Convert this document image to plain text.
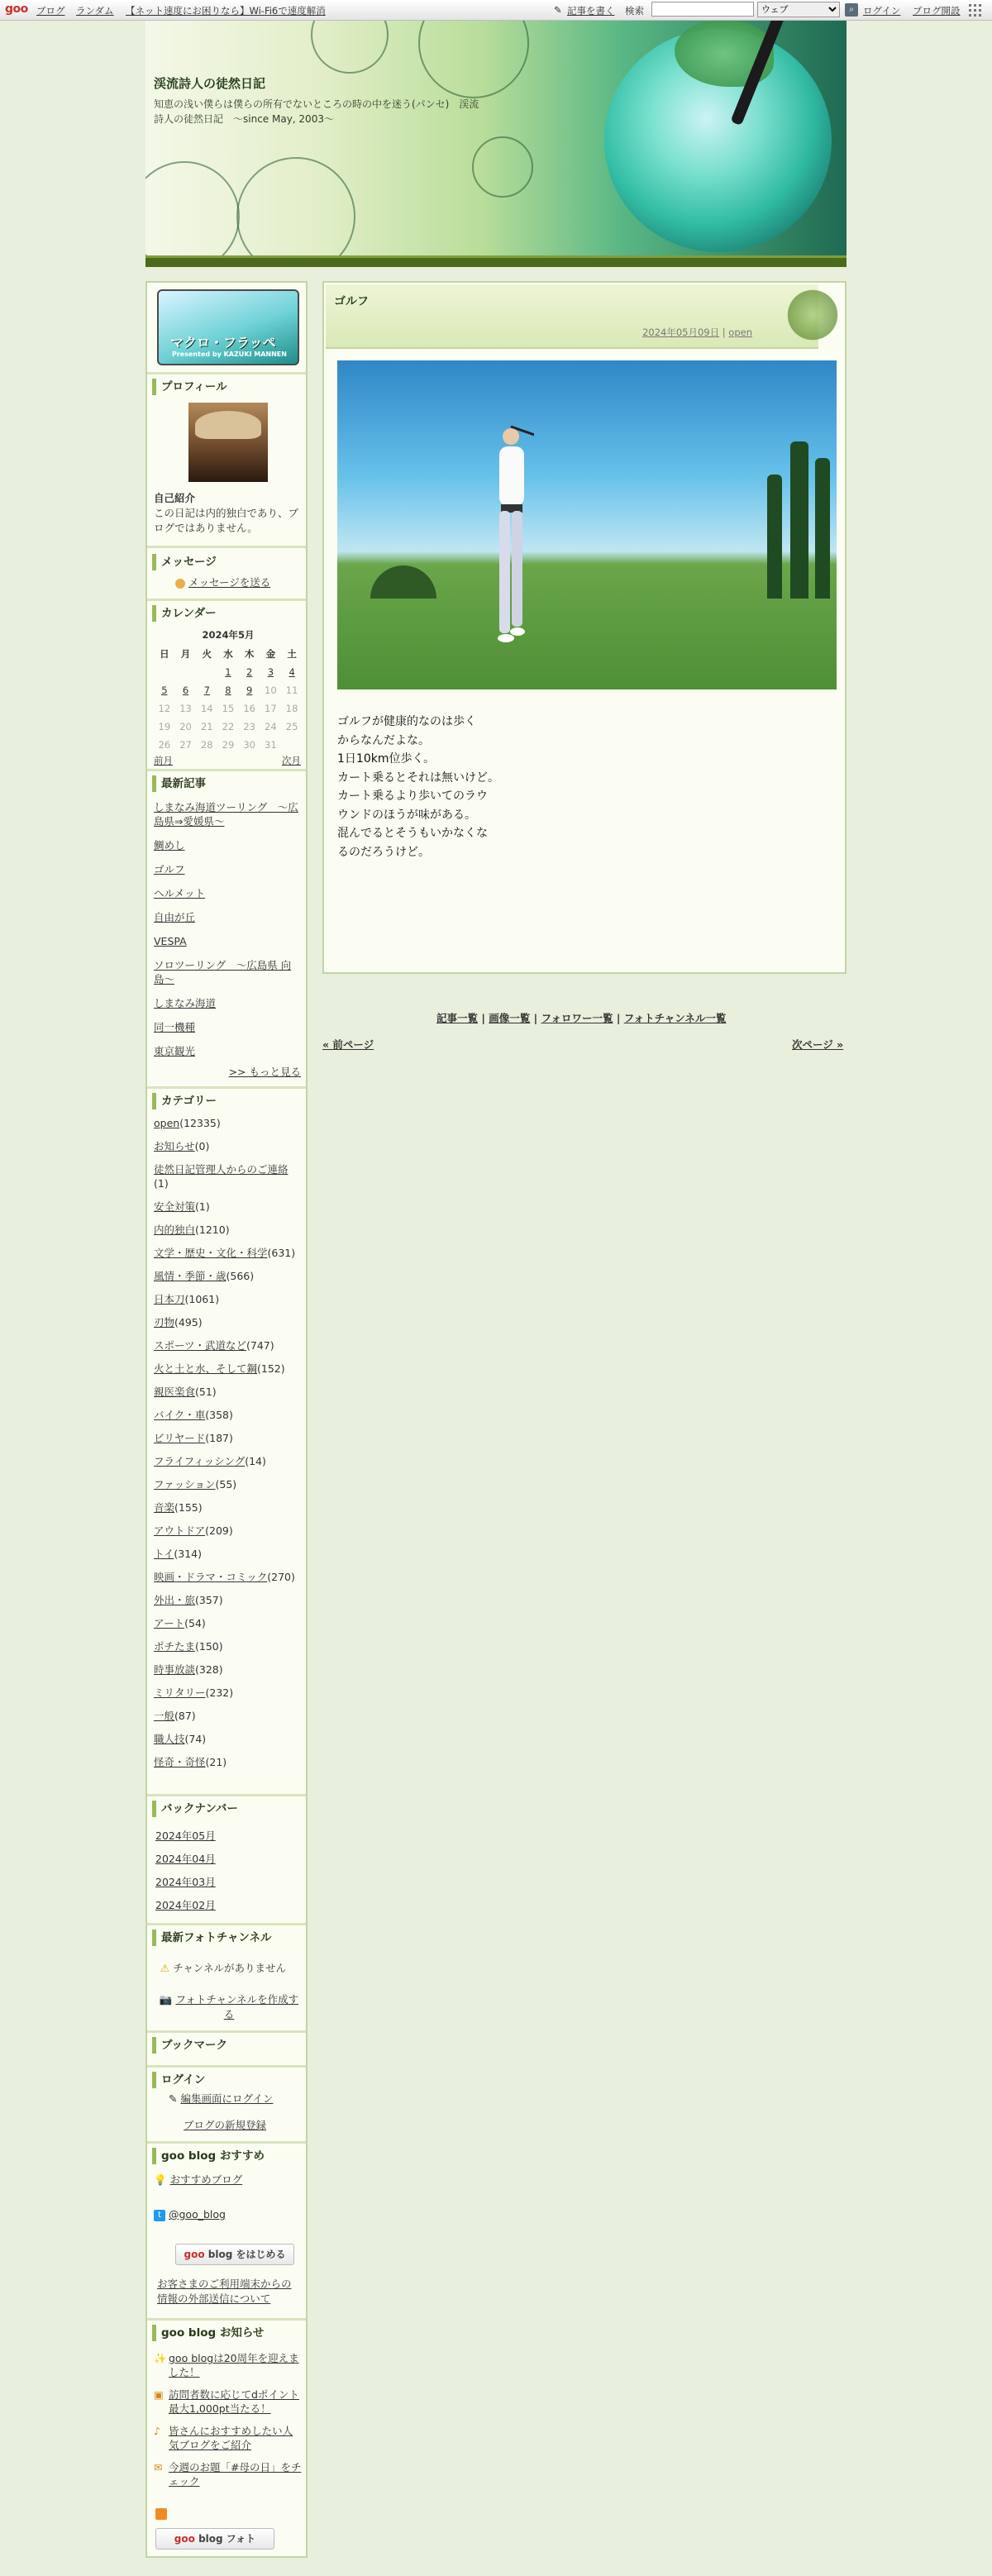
goo ブログ ランダム 【ネット速度にお困りなら】Wi-Fi6で速度解消	✎ 記事を書く 検索
ウェブ	⌕ ログイン ブログ開設
渓流詩人の徒然日記
知恵の浅い僕らは僕らの所有でないところの時の中を迷う(パンセ)　渓流詩人の徒然日記　～since May, 2003～
マクロ・フラッペ
Presented by KAZUKI MANNEN
プロフィール
自己紹介
この日記は内的独白であり、ブログではありません。
メッセージ
メッセージを送る
カレンダー
2024年5月
日	月	火	水	木	金	土
			1	2	3	4
5	6	7	8	9	10	11
12	13	14	15	16	17	18
19	20	21	22	23	24	25
26	27	28	29	30	31	
前月	次月
最新記事
しまなみ海道ツーリング　～広島県⇒愛媛県～
鯛めし
ゴルフ
ヘルメット
自由が丘
VESPA
ソロツーリング　～広島県 向島～
しまなみ海道
同一機種
東京観光
>> もっと見る
カテゴリー
open(12335)
お知らせ(0)
徒然日記管理人からのご連絡(1)
安全対策(1)
内的独白(1210)
文学・歴史・文化・科学(631)
風情・季節・歳(566)
日本刀(1061)
刃物(495)
スポーツ・武道など(747)
火と土と水、そして鋼(152)
親医楽食(51)
バイク・車(358)
ビリヤード(187)
フライフィッシング(14)
ファッション(55)
音楽(155)
アウトドア(209)
トイ(314)
映画・ドラマ・コミック(270)
外出・旅(357)
アート(54)
ポチたま(150)
時事放談(328)
ミリタリー(232)
一般(87)
職人技(74)
怪奇・奇怪(21)
バックナンバー
2024年05月
2024年04月
2024年03月
2024年02月
最新フォトチャンネル
⚠ チャンネルがありません
📷 フォトチャンネルを作成する
ブックマーク
ログイン
✎ 編集画面にログイン
ブログの新規登録
goo blog おすすめ
💡 おすすめブログ
t @goo_blog
goo blog をはじめる
お客さまのご利用端末からの情報の外部送信について
goo blog お知らせ
✨ goo blogは20周年を迎えました！
▣ 訪問者数に応じてdポイント最大1,000pt当たる！
♪ 皆さんにおすすめしたい人気ブログをご紹介
✉ 今週のお題「#母の日」をチェック
goo blog フォト
ゴルフ
2024年05月09日 | open
ゴルフが健康的なのは歩く
からなんだよな。
1日10km位歩く。
カート乗るとそれは無いけど。
カート乗るより歩いてのラウ
ウンドのほうが味がある。
混んでるとそうもいかなくな
るのだろうけど。
記事一覧 | 画像一覧 | フォロワー一覧 | フォトチャンネル一覧
« 前ページ	次ページ »
